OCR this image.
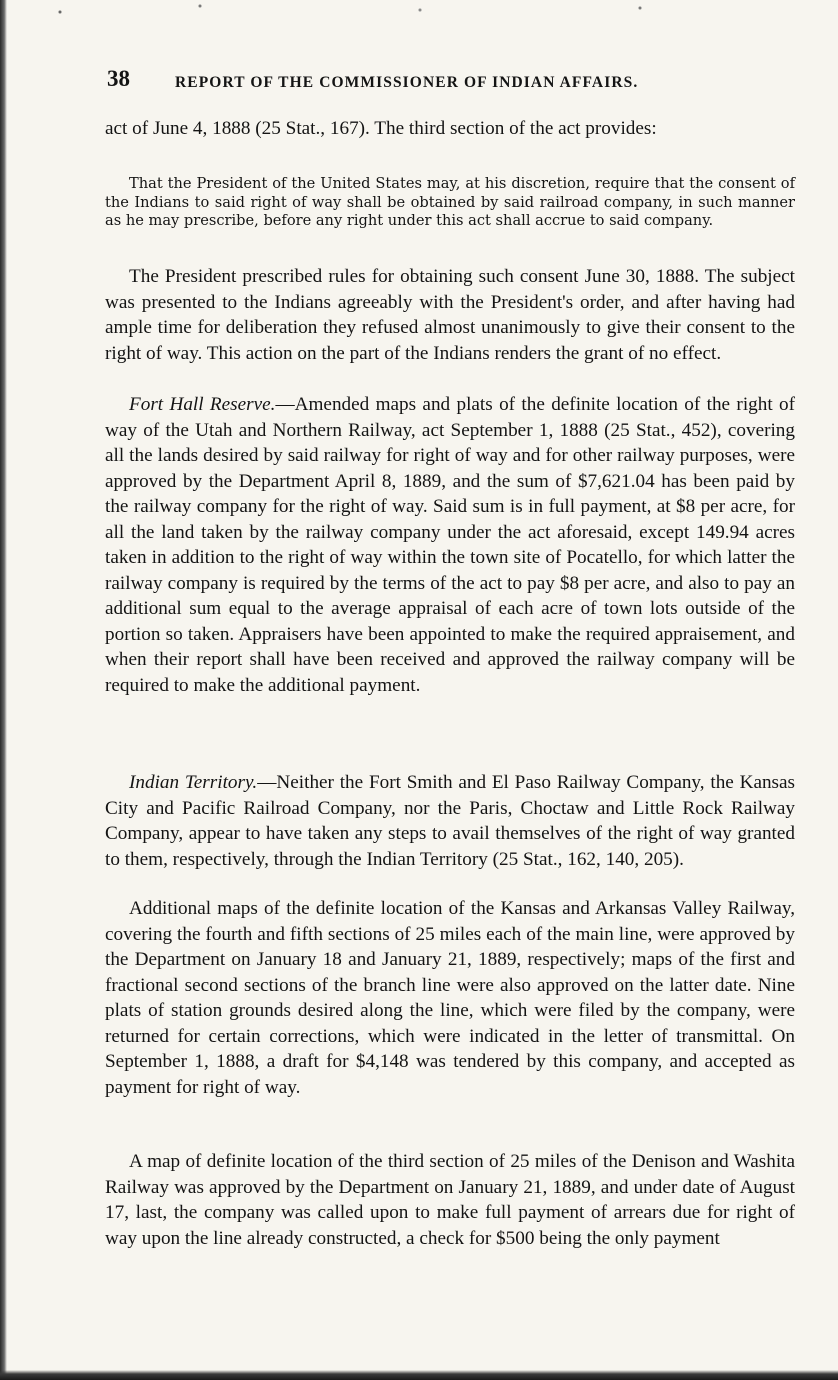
38	REPORT OF THE COMMISSIONER OF INDIAN AFFAIRS.

act of June 4, 1888 (25 Stat., 167). The third section of the act provides:

That the President of the United States may, at his discretion, require that the consent of the Indians to said right of way shall be obtained by said railroad company, in such manner as he may prescribe, before any right under this act shall accrue to said company.

The President prescribed rules for obtaining such consent June 30, 1888. The subject was presented to the Indians agreeably with the President's order, and after having had ample time for deliberation they refused almost unanimously to give their consent to the right of way. This action on the part of the Indians renders the grant of no effect.

Fort Hall Reserve.—Amended maps and plats of the definite location of the right of way of the Utah and Northern Railway, act September 1, 1888 (25 Stat., 452), covering all the lands desired by said railway for right of way and for other railway purposes, were approved by the Department April 8, 1889, and the sum of $7,621.04 has been paid by the railway company for the right of way. Said sum is in full payment, at $8 per acre, for all the land taken by the railway company under the act aforesaid, except 149.94 acres taken in addition to the right of way within the town site of Pocatello, for which latter the railway company is required by the terms of the act to pay $8 per acre, and also to pay an additional sum equal to the average appraisal of each acre of town lots outside of the portion so taken. Appraisers have been appointed to make the required appraisement, and when their report shall have been received and approved the railway company will be required to make the additional payment.

Indian Territory.—Neither the Fort Smith and El Paso Railway Company, the Kansas City and Pacific Railroad Company, nor the Paris, Choctaw and Little Rock Railway Company, appear to have taken any steps to avail themselves of the right of way granted to them, respectively, through the Indian Territory (25 Stat., 162, 140, 205).

Additional maps of the definite location of the Kansas and Arkansas Valley Railway, covering the fourth and fifth sections of 25 miles each of the main line, were approved by the Department on January 18 and January 21, 1889, respectively; maps of the first and fractional second sections of the branch line were also approved on the latter date. Nine plats of station grounds desired along the line, which were filed by the company, were returned for certain corrections, which were indicated in the letter of transmittal. On September 1, 1888, a draft for $4,148 was tendered by this company, and accepted as payment for right of way.

A map of definite location of the third section of 25 miles of the Denison and Washita Railway was approved by the Department on January 21, 1889, and under date of August 17, last, the company was called upon to make full payment of arrears due for right of way upon the line already constructed, a check for $500 being the only payment
